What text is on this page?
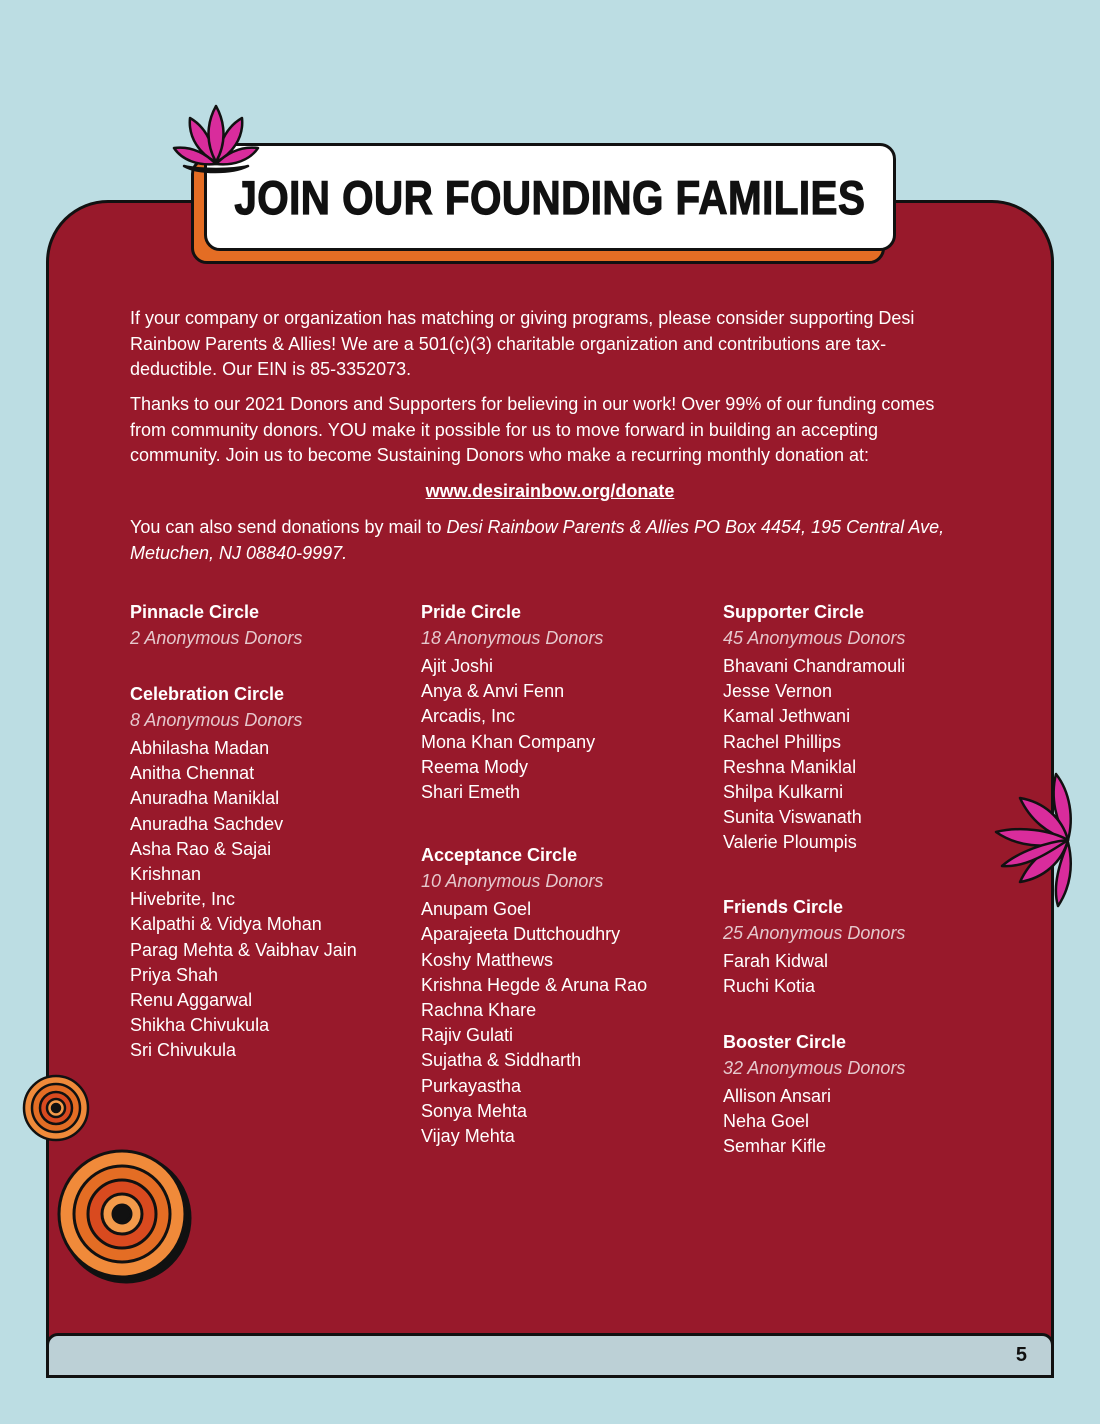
5
JOIN OUR FOUNDING FAMILIES
If your company or organization has matching or giving programs, please consider supporting Desi Rainbow Parents & Allies! We are a 501(c)(3) charitable organization and contributions are tax-deductible. Our EIN is 85-3352073.
Thanks to our 2021 Donors and Supporters for believing in our work! Over 99% of our funding comes from community donors. YOU make it possible for us to move forward in building an accepting community. Join us to become Sustaining Donors who make a recurring monthly donation at:
www.desirainbow.org/donate
You can also send donations by mail to Desi Rainbow Parents & Allies PO Box 4454, 195 Central Ave, Metuchen, NJ 08840-9997.
Pinnacle Circle
2 Anonymous Donors
Celebration Circle
8 Anonymous Donors
Abhilasha Madan
Anitha Chennat
Anuradha Maniklal
Anuradha Sachdev
Asha Rao & Sajai
Krishnan
Hivebrite, Inc
Kalpathi & Vidya Mohan
Parag Mehta & Vaibhav Jain
Priya Shah
Renu Aggarwal
Shikha Chivukula
Sri Chivukula
Pride Circle
18 Anonymous Donors
Ajit Joshi
Anya & Anvi Fenn
Arcadis, Inc
Mona Khan Company
Reema Mody
Shari Emeth
Acceptance Circle
10 Anonymous Donors
Anupam Goel
Aparajeeta Duttchoudhry
Koshy Matthews
Krishna Hegde & Aruna Rao
Rachna Khare
Rajiv Gulati
Sujatha & Siddharth
Purkayastha
Sonya Mehta
Vijay Mehta
Supporter Circle
45 Anonymous Donors
Bhavani Chandramouli
Jesse Vernon
Kamal Jethwani
Rachel Phillips
Reshna Maniklal
Shilpa Kulkarni
Sunita Viswanath
Valerie Ploumpis
Friends Circle
25 Anonymous Donors
Farah Kidwal
Ruchi Kotia
Booster Circle
32 Anonymous Donors
Allison Ansari
Neha Goel
Semhar Kifle
